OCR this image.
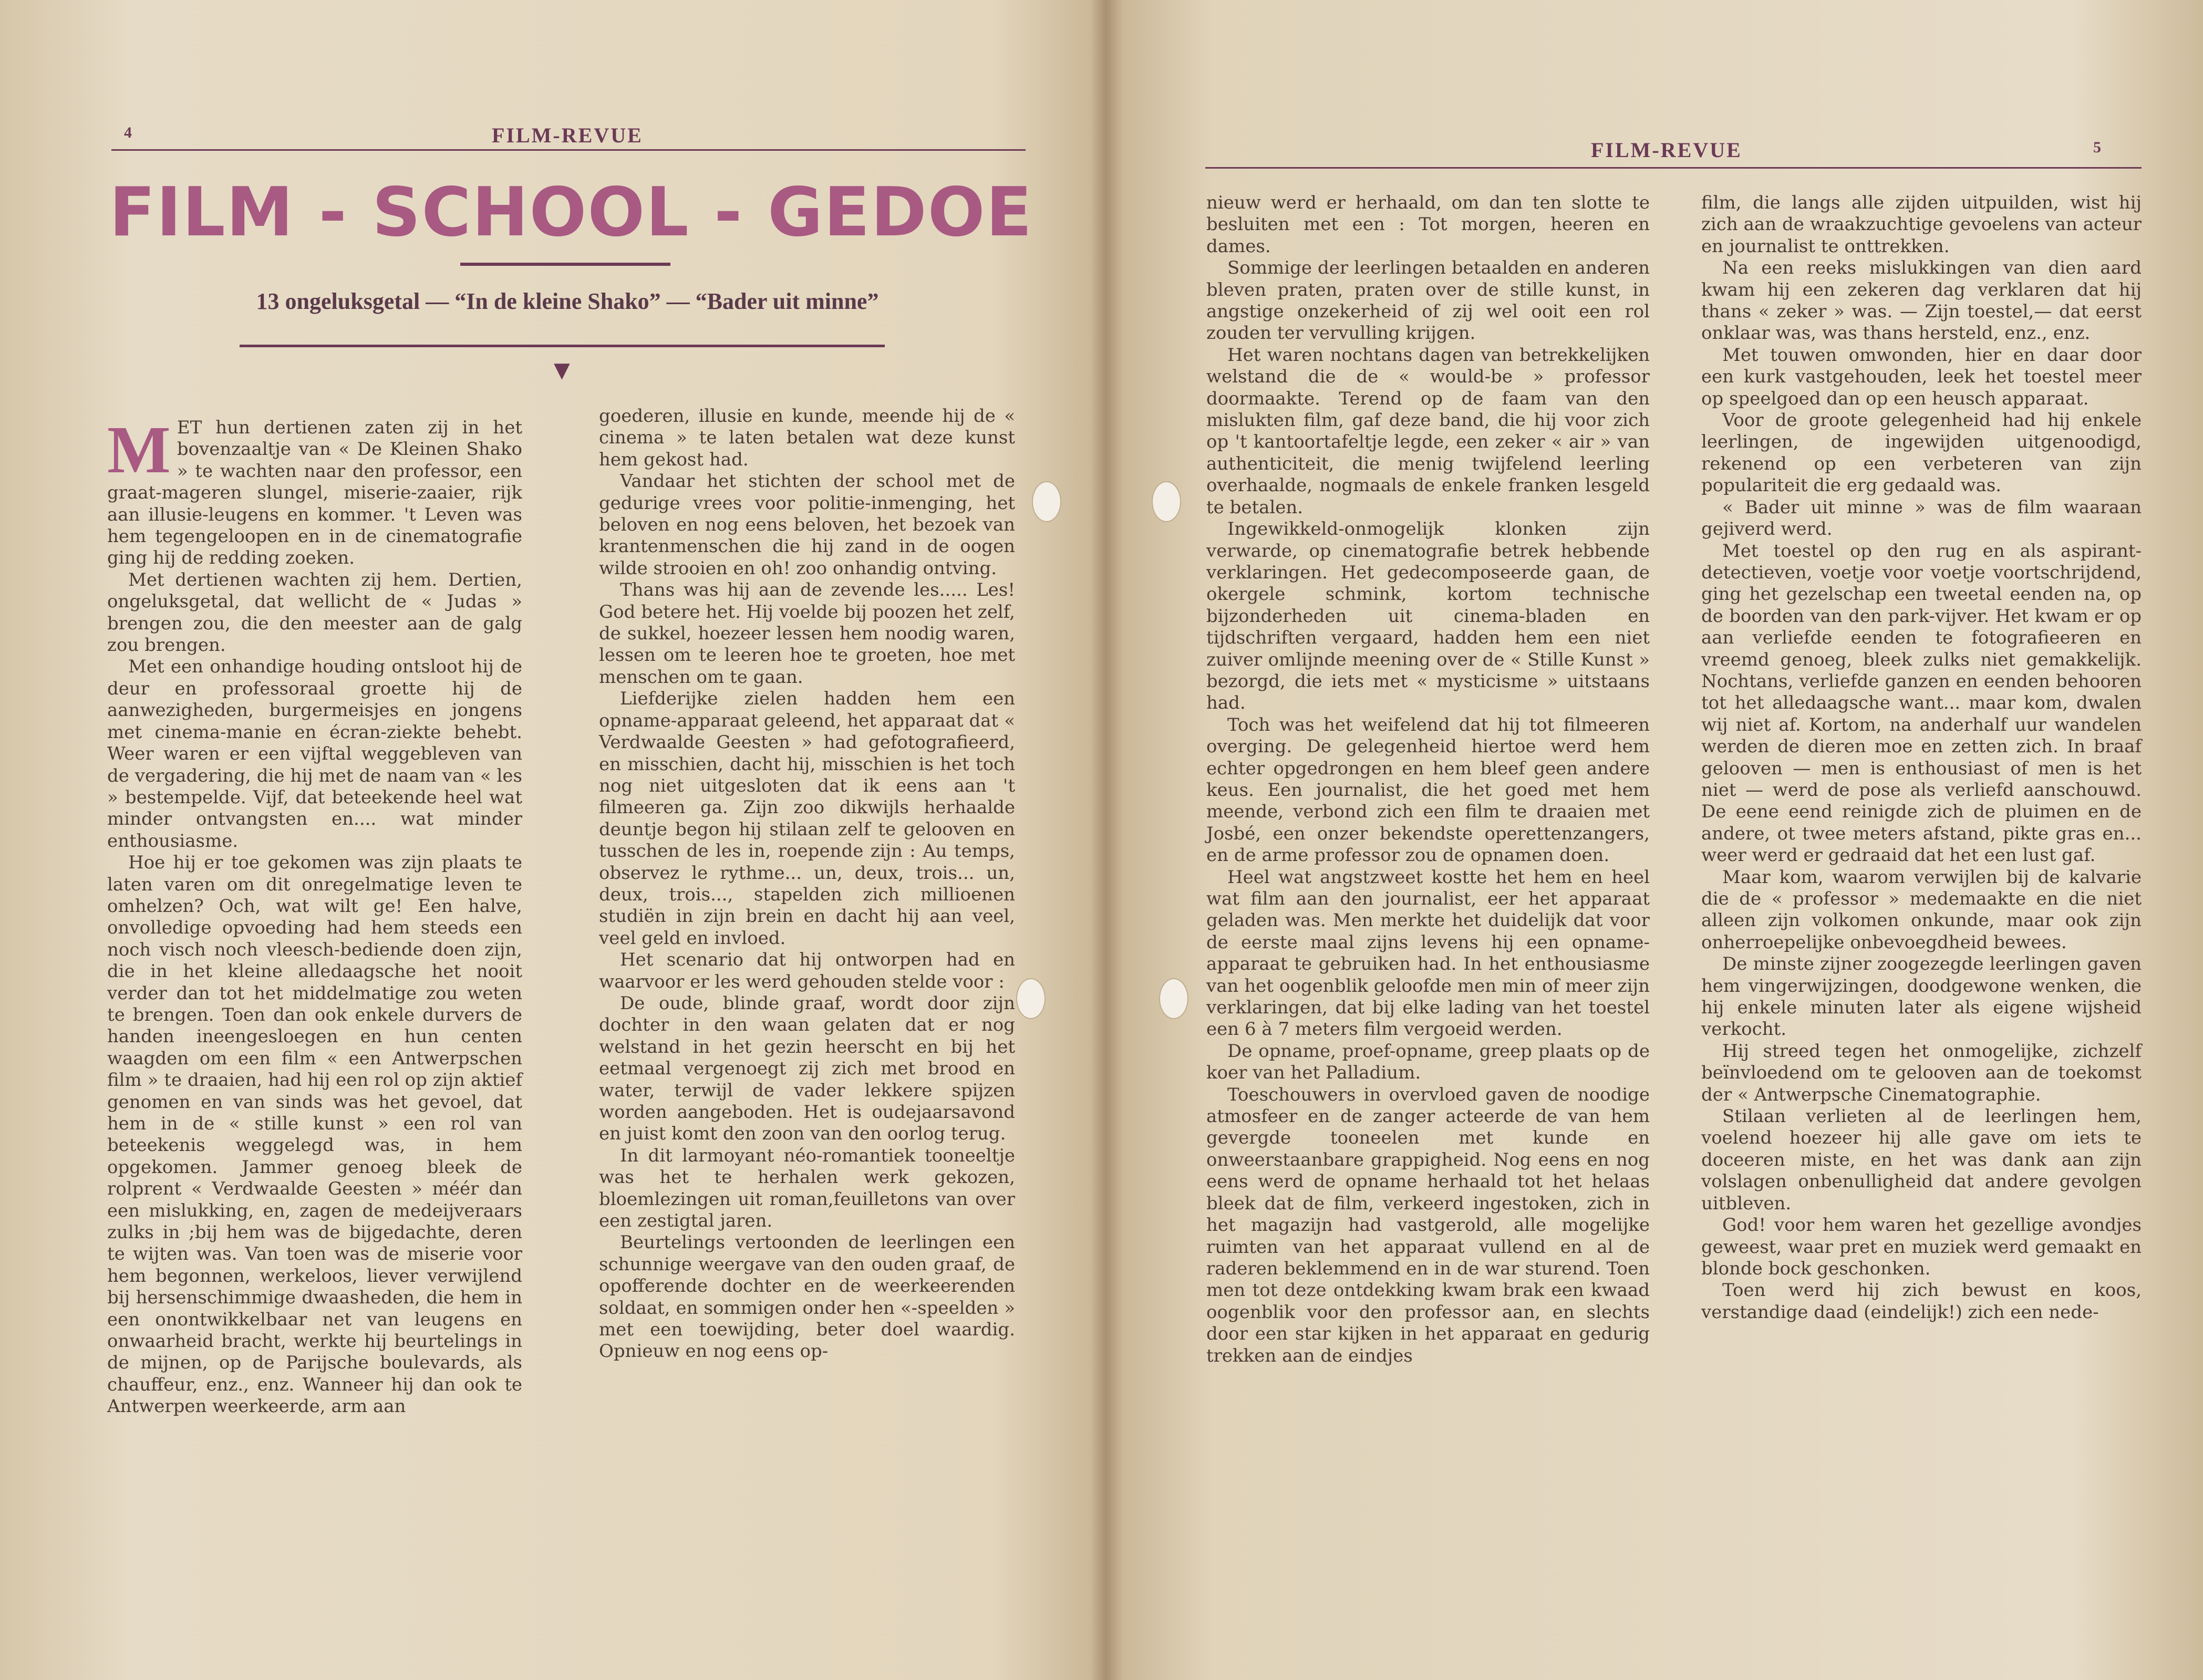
4	FILM-REVUE
FILM - SCHOOL - GEDOE
13 ongeluksgetal — “In de kleine Shako” — “Bader uit minne”
▼
M ET hun dertienen zaten zij in het bovenzaaltje van « De Kleinen Shako » te wachten naar den professor, een graat-mageren slungel, miserie-zaaier, rijk aan illusie-leugens en kommer. 't Leven was hem tegengeloopen en in de cinematografie ging hij de redding zoeken.

Met dertienen wachten zij hem. Dertien, ongeluksgetal, dat wellicht de « Judas » brengen zou, die den meester aan de galg zou brengen.

Met een onhandige houding ontsloot hij de deur en professoraal groette hij de aanwezigheden, burgermeisjes en jongens met cinema-manie en écran-ziekte behebt. Weer waren er een vijftal weggebleven van de vergadering, die hij met de naam van « les » bestempelde. Vijf, dat beteekende heel wat minder ontvangsten en.... wat minder enthousiasme.

Hoe hij er toe gekomen was zijn plaats te laten varen om dit onregelmatige leven te omhelzen? Och, wat wilt ge! Een halve, onvolledige opvoeding had hem steeds een noch visch noch vleesch-bediende doen zijn, die in het kleine alledaagsche het nooit verder dan tot het middelmatige zou weten te brengen. Toen dan ook enkele durvers de handen ineengesloegen en hun centen waagden om een film « een Antwerpschen film » te draaien, had hij een rol op zijn aktief genomen en van sinds was het gevoel, dat hem in de « stille kunst » een rol van beteekenis weggelegd was, in hem opgekomen. Jammer genoeg bleek de rolprent « Verdwaalde Geesten » méér dan een mislukking, en, zagen de medeijveraars zulks in ;bij hem was de bijgedachte, deren te wijten was. Van toen was de miserie voor hem begonnen, werkeloos, liever verwijlend bij hersenschimmige dwaasheden, die hem in een onontwikkelbaar net van leugens en onwaarheid bracht, werkte hij beurtelings in de mijnen, op de Parijsche boulevards, als chauffeur, enz., enz. Wanneer hij dan ook te Antwerpen weerkeerde, arm aan

goederen, illusie en kunde, meende hij de « cinema » te laten betalen wat deze kunst hem gekost had.

Vandaar het stichten der school met de gedurige vrees voor politie-inmenging, het beloven en nog eens beloven, het bezoek van krantenmenschen die hij zand in de oogen wilde strooien en oh! zoo onhandig ontving.

Thans was hij aan de zevende les..... Les! God betere het. Hij voelde bij poozen het zelf, de sukkel, hoezeer lessen hem noodig waren, lessen om te leeren hoe te groeten, hoe met menschen om te gaan.

Liefderijke zielen hadden hem een opname-apparaat geleend, het apparaat dat « Verdwaalde Geesten » had gefotografieerd, en misschien, dacht hij, misschien is het toch nog niet uitgesloten dat ik eens aan 't filmeeren ga. Zijn zoo dikwijls herhaalde deuntje begon hij stilaan zelf te gelooven en tusschen de les in, roepende zijn : Au temps, observez le rythme... un, deux, trois... un, deux, trois..., stapelden zich millioenen studiën in zijn brein en dacht hij aan veel, veel geld en invloed.

Het scenario dat hij ontworpen had en waarvoor er les werd gehouden stelde voor :

De oude, blinde graaf, wordt door zijn dochter in den waan gelaten dat er nog welstand in het gezin heerscht en bij het eetmaal vergenoegt zij zich met brood en water, terwijl de vader lekkere spijzen worden aangeboden. Het is oudejaarsavond en juist komt den zoon van den oorlog terug.

In dit larmoyant néo-romantiek tooneeltje was het te herhalen werk gekozen, bloemlezingen uit roman,feuilletons van over een zestigtal jaren.

Beurtelings vertoonden de leerlingen een schunnige weergave van den ouden graaf, de opofferende dochter en de weerkeerenden soldaat, en sommigen onder hen «-speelden » met een toewijding, beter doel waardig. Opnieuw en nog eens op-

FILM-REVUE	5

nieuw werd er herhaald, om dan ten slotte te besluiten met een : Tot morgen, heeren en dames.

Sommige der leerlingen betaalden en anderen bleven praten, praten over de stille kunst, in angstige onzekerheid of zij wel ooit een rol zouden ter vervulling krijgen.

Het waren nochtans dagen van betrekkelijken welstand die de « would-be » professor doormaakte. Terend op de faam van den mislukten film, gaf deze band, die hij voor zich op 't kantoortafeltje legde, een zeker « air » van authenticiteit, die menig twijfelend leerling overhaalde, nogmaals de enkele franken lesgeld te betalen.

Ingewikkeld-onmogelijk klonken zijn verwarde, op cinematografie betrek hebbende verklaringen. Het gedecomposeerde gaan, de okergele schmink, kortom technische bijzonderheden uit cinema-bladen en tijdschriften vergaard, hadden hem een niet zuiver omlijnde meening over de « Stille Kunst » bezorgd, die iets met « mysticisme » uitstaans had.

Toch was het weifelend dat hij tot filmeeren overging. De gelegenheid hiertoe werd hem echter opgedrongen en hem bleef geen andere keus. Een journalist, die het goed met hem meende, verbond zich een film te draaien met Josbé, een onzer bekendste operettenzangers, en de arme professor zou de opnamen doen.

Heel wat angstzweet kostte het hem en heel wat film aan den journalist, eer het apparaat geladen was. Men merkte het duidelijk dat voor de eerste maal zijns levens hij een opname-apparaat te gebruiken had. In het enthousiasme van het oogenblik geloofde men min of meer zijn verklaringen, dat bij elke lading van het toestel een 6 à 7 meters film vergoeid werden.

De opname, proef-opname, greep plaats op de koer van het Palladium.

Toeschouwers in overvloed gaven de noodige atmosfeer en de zanger acteerde de van hem gevergde tooneelen met kunde en onweerstaanbare grappigheid. Nog eens en nog eens werd de opname herhaald tot het helaas bleek dat de film, verkeerd ingestoken, zich in het magazijn had vastgerold, alle mogelijke ruimten van het apparaat vullend en al de raderen beklemmend en in de war sturend. Toen men tot deze ontdekking kwam brak een kwaad oogenblik voor den professor aan, en slechts door een star kijken in het apparaat en gedurig trekken aan de eindjes

film, die langs alle zijden uitpuilden, wist hij zich aan de wraakzuchtige gevoelens van acteur en journalist te onttrekken.

Na een reeks mislukkingen van dien aard kwam hij een zekeren dag verklaren dat hij thans « zeker » was. — Zijn toestel,— dat eerst onklaar was, was thans hersteld, enz., enz.

Met touwen omwonden, hier en daar door een kurk vastgehouden, leek het toestel meer op speelgoed dan op een heusch apparaat.

Voor de groote gelegenheid had hij enkele leerlingen, de ingewijden uitgenoodigd, rekenend op een verbeteren van zijn populariteit die erg gedaald was.

« Bader uit minne » was de film waaraan gejiverd werd.

Met toestel op den rug en als aspirant-detectieven, voetje voor voetje voortschrijdend, ging het gezelschap een tweetal eenden na, op de boorden van den park-vijver. Het kwam er op aan verliefde eenden te fotografieeren en vreemd genoeg, bleek zulks niet gemakkelijk. Nochtans, verliefde ganzen en eenden behooren tot het alledaagsche want... maar kom, dwalen wij niet af. Kortom, na anderhalf uur wandelen werden de dieren moe en zetten zich. In braaf gelooven — men is enthousiast of men is het niet — werd de pose als verliefd aanschouwd. De eene eend reinigde zich de pluimen en de andere, ot twee meters afstand, pikte gras en... weer werd er gedraaid dat het een lust gaf.

Maar kom, waarom verwijlen bij de kalvarie die de « professor » medemaakte en die niet alleen zijn volkomen onkunde, maar ook zijn onherroepelijke onbevoegdheid bewees.

De minste zijner zoogezegde leerlingen gaven hem vingerwijzingen, doodgewone wenken, die hij enkele minuten later als eigene wijsheid verkocht.

Hij streed tegen het onmogelijke, zichzelf beïnvloedend om te gelooven aan de toekomst der « Antwerpsche Cinematographie.

Stilaan verlieten al de leerlingen hem, voelend hoezeer hij alle gave om iets te doceeren miste, en het was dank aan zijn volslagen onbenulligheid dat andere gevolgen uitbleven.

God! voor hem waren het gezellige avondjes geweest, waar pret en muziek werd gemaakt en blonde bock geschonken.

Toen werd hij zich bewust en koos, verstandige daad (eindelijk!) zich een nede-
